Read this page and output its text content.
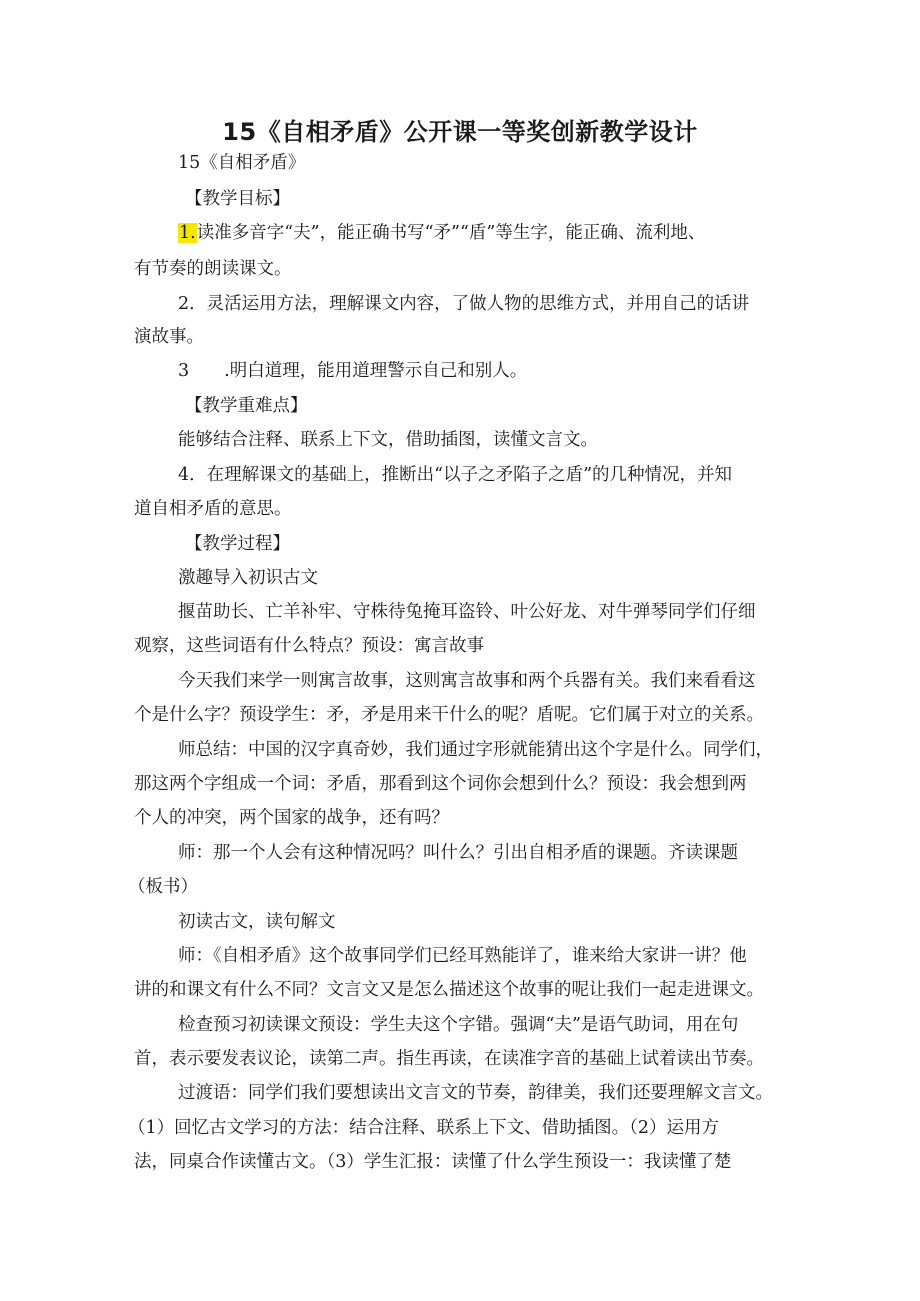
15《自相矛盾》公开课一等奖创新教学设计
15《自相矛盾》
【教学目标】
1.读准多音字“夫”，能正确书写“矛”“盾”等生字，能正确、流利地、
有节奏的朗读课文。
2．灵活运用方法，理解课文内容，了做人物的思维方式，并用自己的话讲
演故事。
3　　.明白道理，能用道理警示自己和别人。
【教学重难点】
能够结合注释、联系上下文，借助插图，读懂文言文。
4．在理解课文的基础上，推断出“以子之矛陷子之盾”的几种情况，并知
道自相矛盾的意思。
【教学过程】
激趣导入初识古文
揠苗助长、亡羊补牢、守株待兔掩耳盗铃、叶公好龙、对牛弹琴同学们仔细
观察，这些词语有什么特点？预设：寓言故事
今天我们来学一则寓言故事，这则寓言故事和两个兵器有关。我们来看看这
个是什么字？预设学生：矛，矛是用来干什么的呢？盾呢。它们属于对立的关系。
师总结：中国的汉字真奇妙，我们通过字形就能猜出这个字是什么。同学们，
那这两个字组成一个词：矛盾，那看到这个词你会想到什么？预设：我会想到两
个人的冲突，两个国家的战争，还有吗？
师：那一个人会有这种情况吗？叫什么？引出自相矛盾的课题。齐读课题
（板书）
初读古文，读句解文
师：《自相矛盾》这个故事同学们已经耳熟能详了，谁来给大家讲一讲？他
讲的和课文有什么不同？文言文又是怎么描述这个故事的呢让我们一起走进课文。
检查预习初读课文预设：学生夫这个字错。强调“夫”是语气助词，用在句
首，表示要发表议论，读第二声。指生再读，在读准字音的基础上试着读出节奏。
过渡语：同学们我们要想读出文言文的节奏，韵律美，我们还要理解文言文。
（1）回忆古文学习的方法：结合注释、联系上下文、借助插图。（2）运用方
法，同桌合作读懂古文。（3）学生汇报：读懂了什么学生预设一：我读懂了楚
